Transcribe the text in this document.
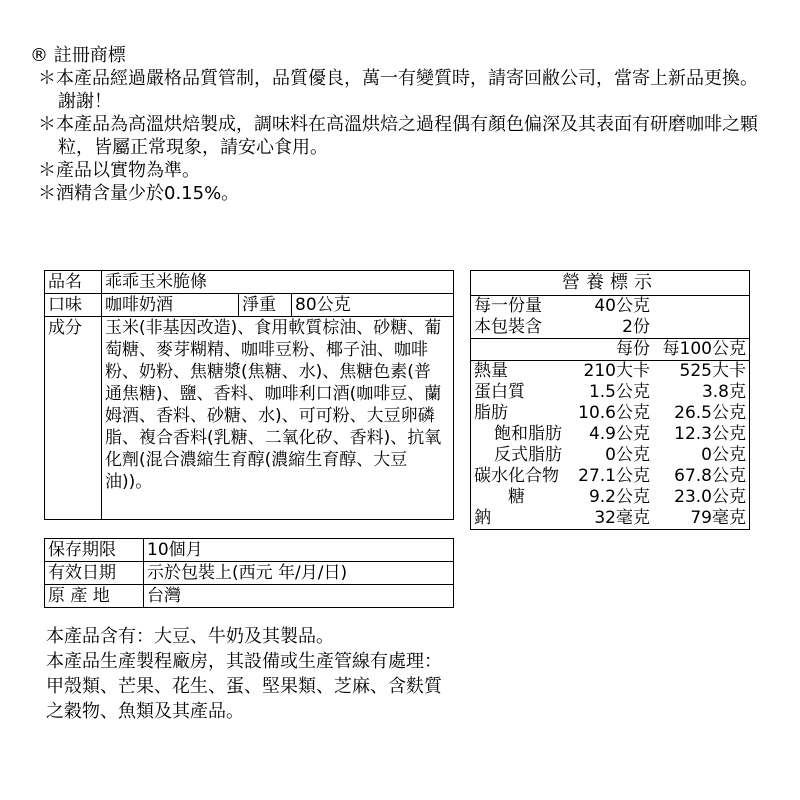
® 註冊商標

＊本產品經過嚴格品質管制，品質優良，萬一有變質時，請寄回敝公司，當寄上新品更換。謝謝！

＊本產品為高溫烘焙製成，調味料在高溫烘焙之過程偶有顏色偏深及其表面有研磨咖啡之顆粒，皆屬正常現象，請安心食用。

＊產品以實物為準。

＊酒精含量少於0.15%。

品名	乖乖玉米脆條		
口味	咖啡奶酒	淨重	80公克
成分	玉米(非基因改造)、食用軟質棕油、砂糖、葡萄糖、麥芽糊精、咖啡豆粉、椰子油、咖啡粉、奶粉、焦糖漿(焦糖、水)、焦糖色素(普通焦糖)、鹽、香料、咖啡利口酒(咖啡豆、蘭姆酒、香料、砂糖、水)、可可粉、大豆卵磷脂、複合香料(乳糖、二氧化矽、香料)、抗氧化劑(混合濃縮生育醇(濃縮生育醇、大豆油))。		
保存期限	10個月
有效日期	示於包裝上(西元 年/月/日)
原 產 地	台灣
營養標示
每一份量	40公克
本包裝含	2份
每份 每100公克
熱量	210大卡	525大卡
蛋白質	1.5公克	3.8克
脂肪	10.6公克	26.5公克
飽和脂肪	4.9公克	12.3公克
反式脂肪	0公克	0公克
碳水化合物	27.1公克	67.8公克
糖	9.2公克	23.0公克
鈉	32毫克	79毫克

本產品含有：大豆、牛奶及其製品。

本產品生產製程廠房，其設備或生產管線有處理：

甲殼類、芒果、花生、蛋、堅果類、芝麻、含麩質

之穀物、魚類及其產品。
